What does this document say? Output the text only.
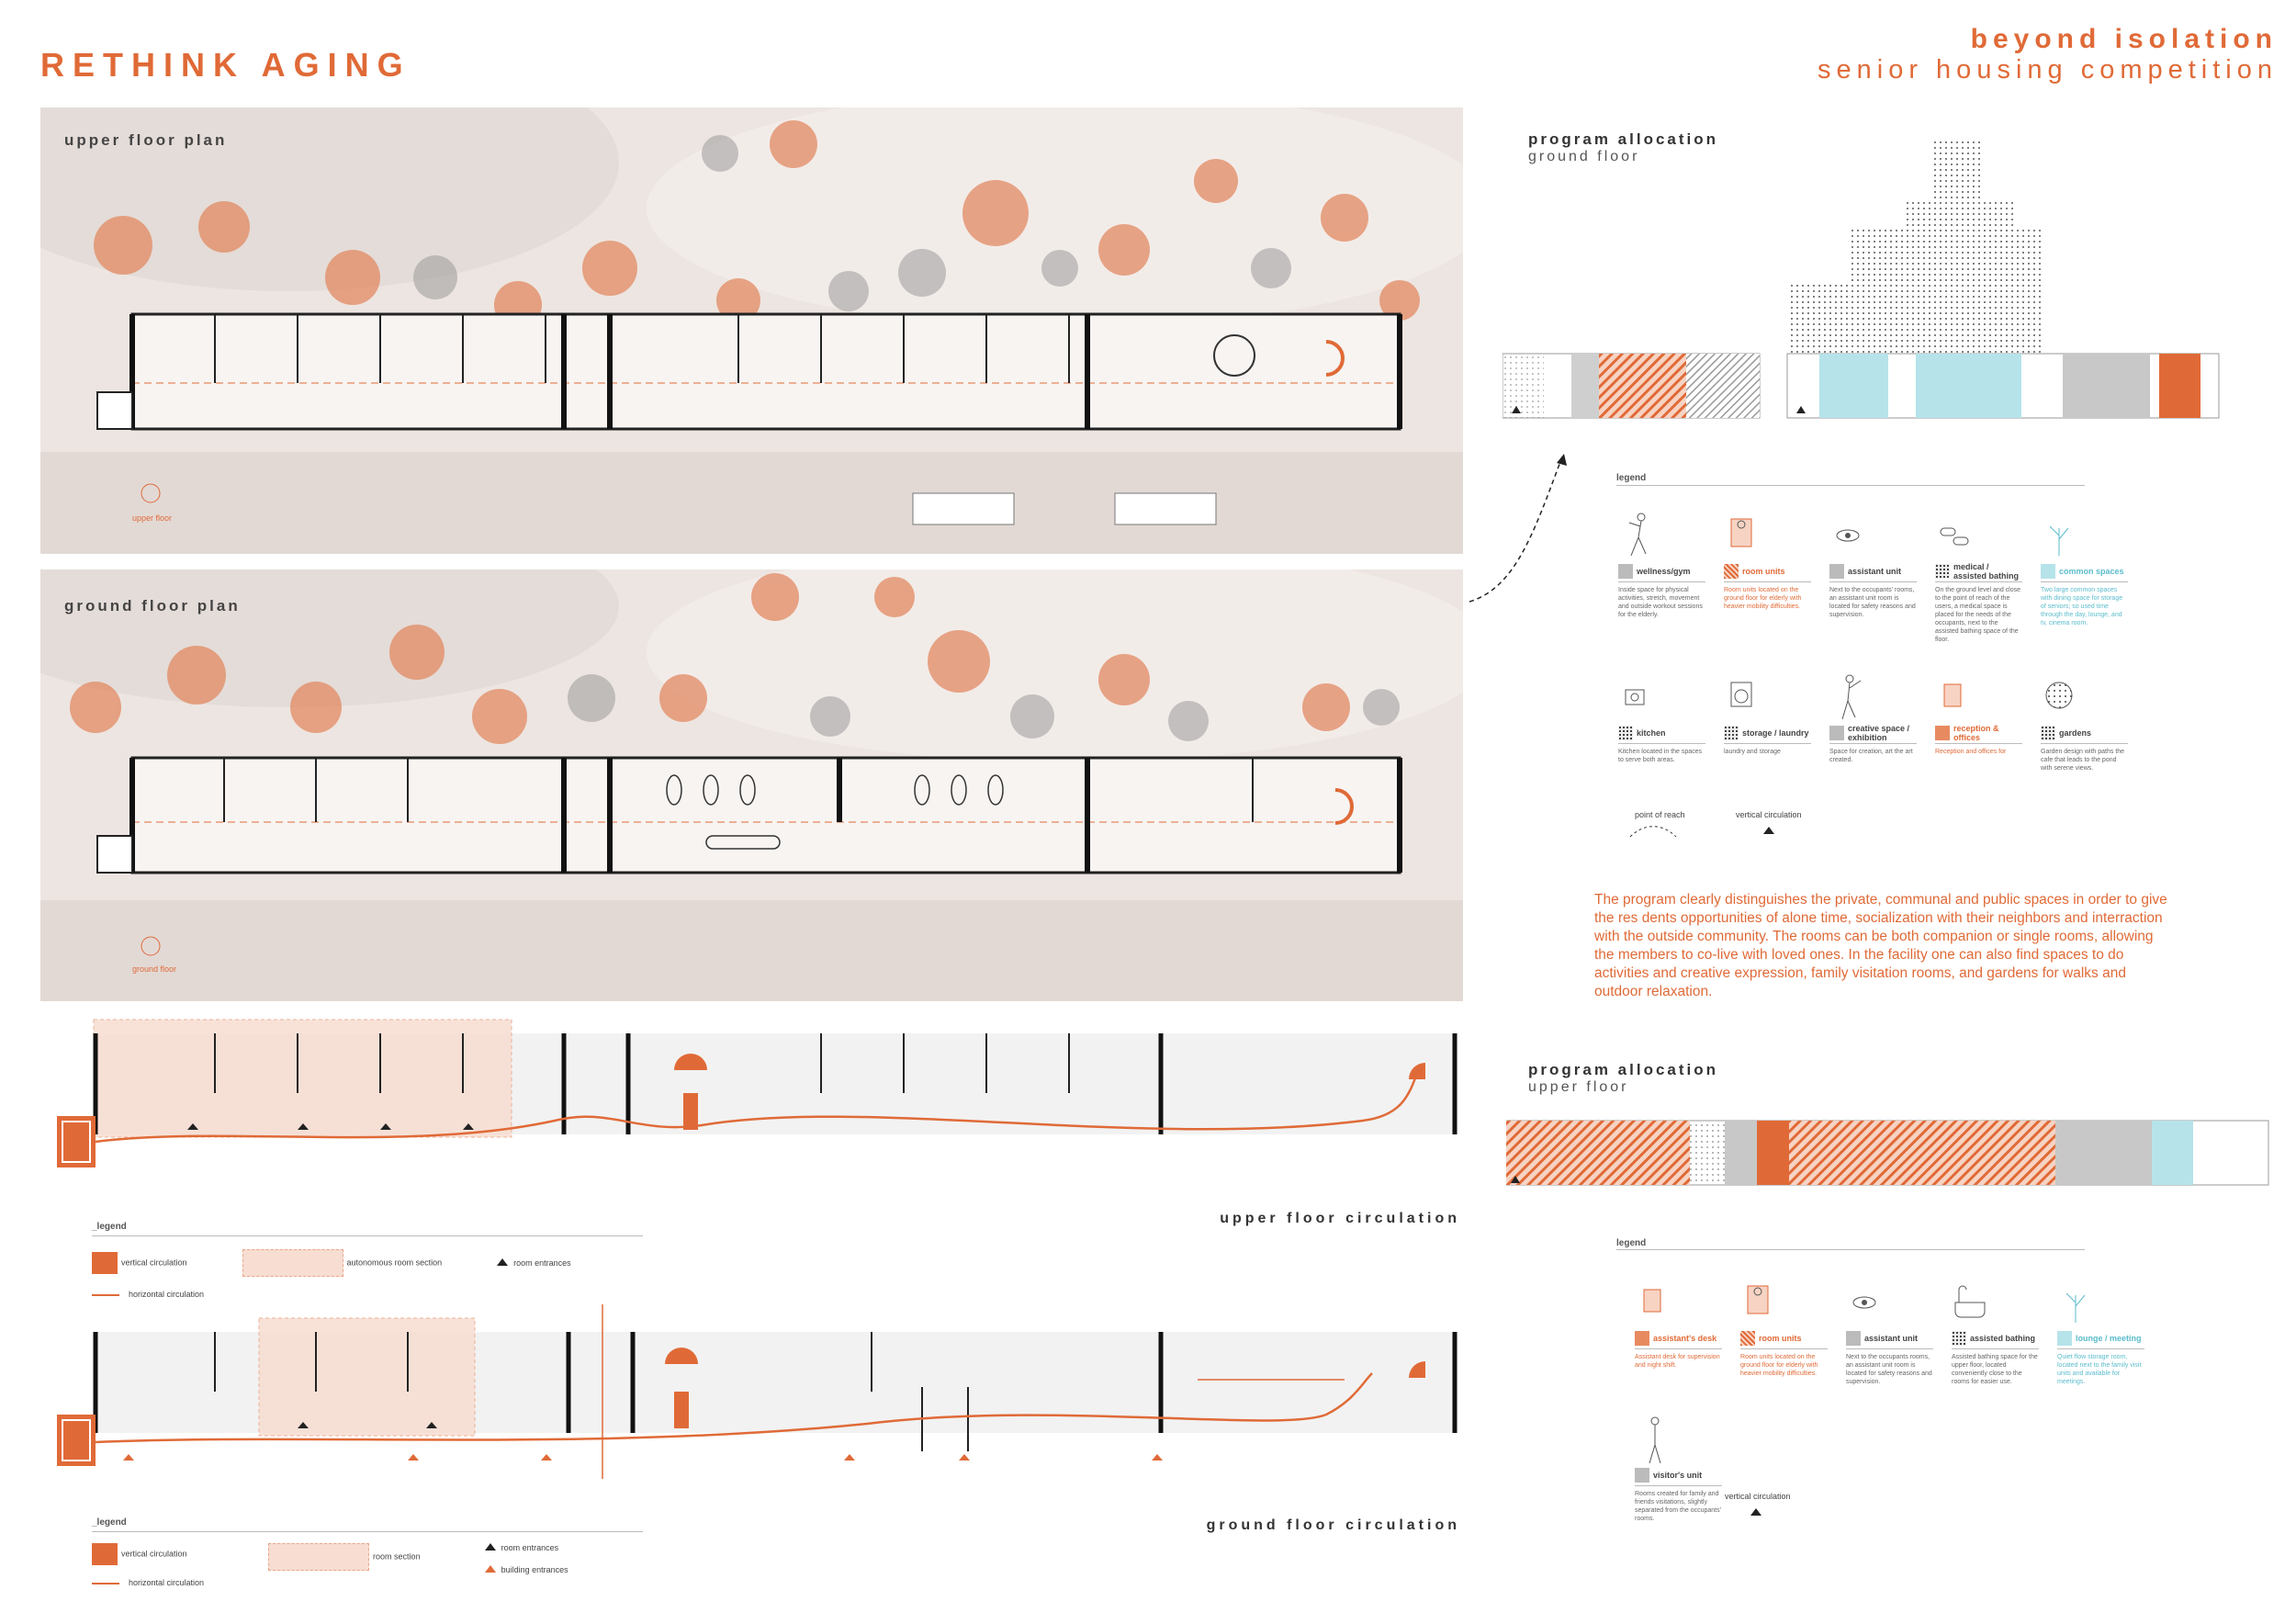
RETHINK AGING
beyond isolation
senior housing competition
upper floor
upper floor plan
ground floor
ground floor plan
upper floor circulation
_legend
vertical circulation	autonomous room section	room entrances
horizontal circulation
ground floor circulation
_legend
vertical circulation
horizontal circulation
room section
room entrances
building entrances
program allocation
ground floor
legend
wellness/gym
Inside space for physical activities, stretch, movement and outside workout sessions for the elderly.
room units
Room units located on the ground floor for elderly with heavier mobility difficulties.
assistant unit
Next to the occupants' rooms, an assistant unit room is located for safety reasons and supervision.
medical / assisted bathing
On the ground level and close to the point of reach of the users, a medical space is placed for the needs of the occupants, next to the assisted bathing space of the floor.
common spaces
Two large common spaces with dining space for storage of seniors; so used time through the day, lounge, and tv, cinema room.
kitchen
Kitchen located in the spaces to serve both areas.
storage / laundry
laundry and storage
creative space / exhibition
Space for creation, art the art created.
reception & offices
Reception and offices for
gardens
Garden design with paths the cafe that leads to the pond with serene views.
point of reach	vertical circulation
The program clearly distinguishes the private, communal and public spaces in order to give the res dents opportunities of alone time, socialization with their neighbors and interraction with the outside community. The rooms can be both companion or single rooms, allowing the members to co-live with loved ones. In the facility one can also find spaces to do activities and creative expression, family visitation rooms, and gardens for walks and outdoor relaxation.
program allocation
upper floor
legend
assistant's desk
Assistant desk for supervision and night shift.
room units
Room units located on the ground floor for elderly with heavier mobility difficulties.
assistant unit
Next to the occupants rooms, an assistant unit room is located for safety reasons and supervision.
assisted bathing
Assisted bathing space for the upper floor, located conveniently close to the rooms for easier use.
lounge / meeting
Quiet flow storage room, located next to the family visit units and available for meetings.
visitor's unit
Rooms created for family and friends visitations, slightly separated from the occupants' rooms.
vertical circulation
